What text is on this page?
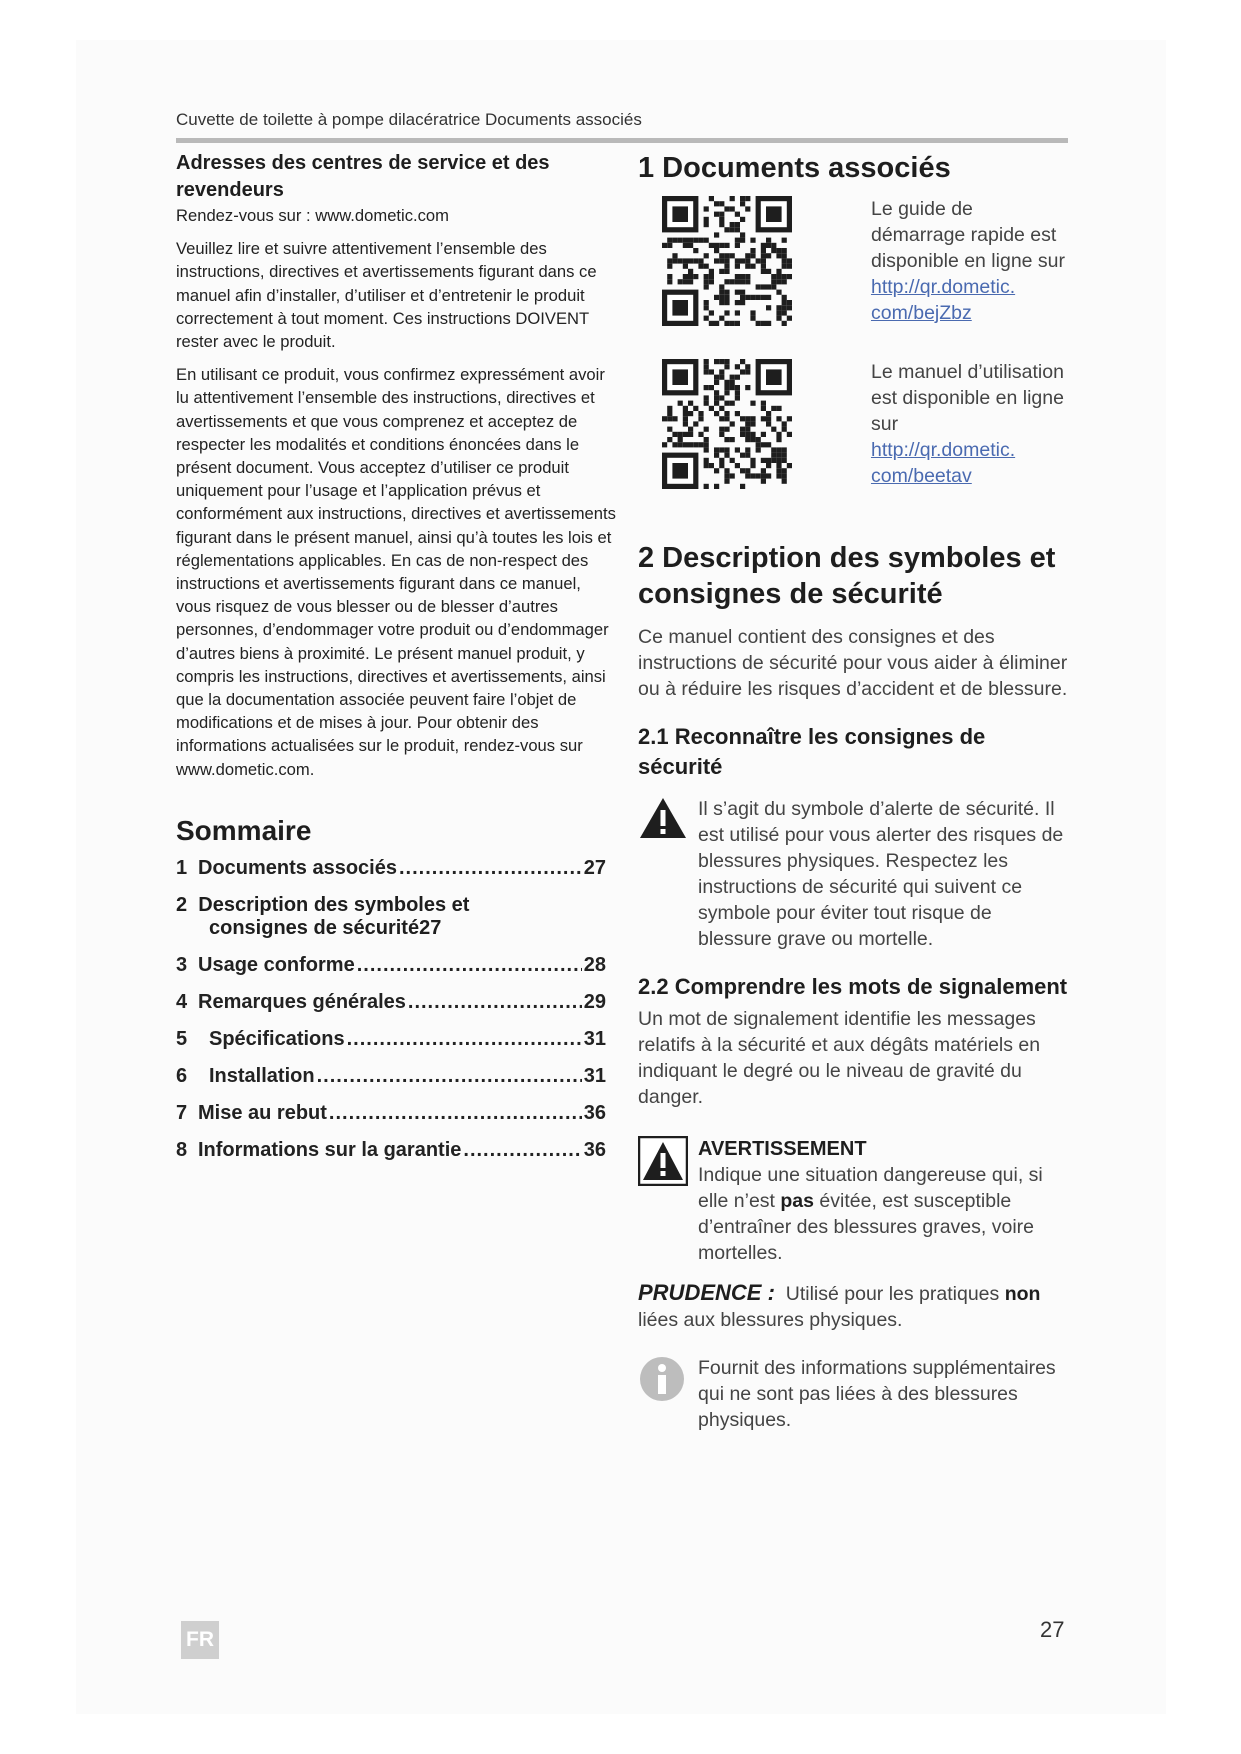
Cuvette de toilette à pompe dilacératrice Documents associés
Adresses des centres de service et des revendeurs

Rendez-vous sur : www.dometic.com

Veuillez lire et suivre attentivement l’ensemble des instructions, directives et avertissements figurant dans ce manuel afin d’installer, d’utiliser et d’entretenir le produit correctement à tout moment. Ces instructions DOIVENT rester avec le produit.

En utilisant ce produit, vous confirmez expressément avoir lu attentivement l’ensemble des instructions, directives et avertissements et que vous comprenez et acceptez de respecter les modalités et conditions énoncées dans le présent document. Vous acceptez d’utiliser ce produit uniquement pour l’usage et l’application prévus et conformément aux instructions, directives et avertissements figurant dans le présent manuel, ainsi qu’à toutes les lois et réglementations applicables. En cas de non-respect des instructions et avertissements figurant dans ce manuel, vous risquez de vous blesser ou de blesser d’autres personnes, d’endommager votre produit ou d’endommager d’autres biens à proximité. Le présent manuel produit, y compris les instructions, directives et avertissements, ainsi que la documentation associée peuvent faire l’objet de modifications et de mises à jour. Pour obtenir des informations actualisées sur le produit, rendez-vous sur www.dometic.com.

Sommaire
1 Documents associés .....	27
2 Description des symboles et
consignes de sécurité 27
3 Usage conforme .....	28
4 Remarques générales .....	29
5	Spécifications .....	31
6	Installation .....	31
7 Mise au rebut .....	36
8 Informations sur la garantie .....	36
1 Documents associés
Le guide de démarrage rapide est disponible en ligne sur
http://qr.dometic.
com/bejZbz
Le manuel d’utilisation est disponible en ligne sur
http://qr.dometic.
com/beetav
2 Description des symboles et consignes de sécurité

Ce manuel contient des consignes et des instructions de sécurité pour vous aider à éliminer ou à réduire les risques d’accident et de blessure.

2.1 Reconnaître les consignes de sécurité

Il s’agit du symbole d’alerte de sécurité. Il est utilisé pour vous alerter des risques de blessures physiques. Respectez les instructions de sécurité qui suivent ce symbole pour éviter tout risque de blessure grave ou mortelle.

2.2 Comprendre les mots de signalement

Un mot de signalement identifie les messages relatifs à la sécurité et aux dégâts matériels en indiquant le degré ou le niveau de gravité du danger.

AVERTISSEMENT

Indique une situation dangereuse qui, si elle n’est pas évitée, est susceptible d’entraîner des blessures graves, voire mortelles.

PRUDENCE : Utilisé pour les pratiques non liées aux blessures physiques.

Fournit des informations supplémentaires qui ne sont pas liées à des blessures physiques.

FR	27
